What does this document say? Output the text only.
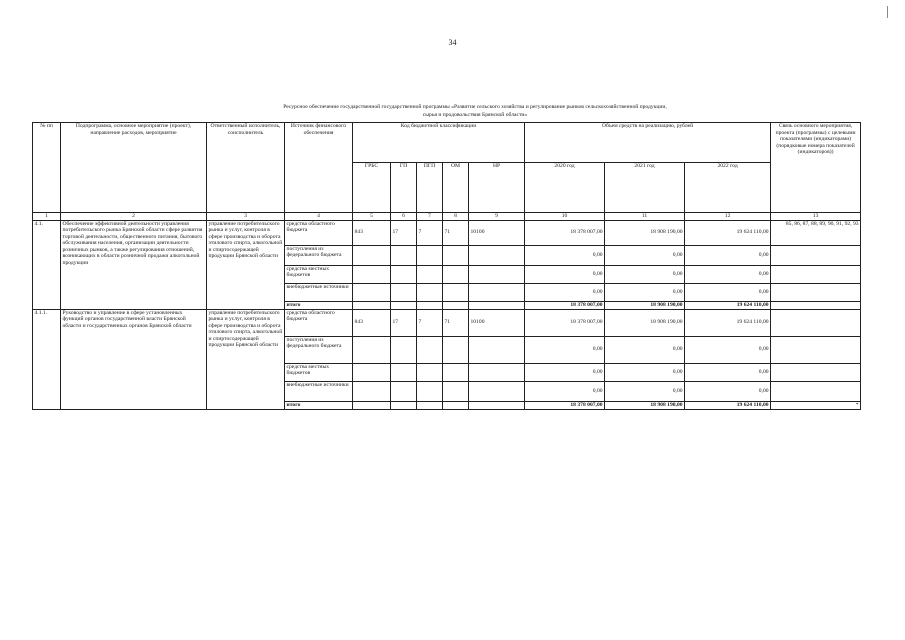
34
Ресурсное обеспечение государственной государственной программы «Развитие сельского хозяйства и регулирование рынков сельскохозяйственной продукции,
сырья и продовольствия Брянской области»
№ пп	Подпрограмма, основное мероприятие (проект), направление расходов, мероприятие	Ответственный исполнитель, соисполнитель	Источник финансового обеспечения	Код бюджетной классификации					Объем средств на реализацию, рублей			Связь основного мероприятия, проекта (программы) с целевыми показателями (индикаторами) (порядковые номера показателей (индикаторов))
				ГРБС	ГП	ПГП	ОМ	НР	2020 год	2021 год	2022 год	
1	2	3	4	5	6	7	8	9	10	11	12	13
4.1.	Обеспечение эффективной деятельности управления потребительского рынка Брянской области сфере развития торговой деятельности, общественного питания, бытового обслуживания населения, организации деятельности розничных рынков, а также регулирования отношений, возникающих в области розничной продажи алкогольной продукции	управление потребительского рынка и услуг, контроля в сфере производства и оборота этилового спирта, алкогольной и спиртосодержащей продукции Брянской области	средства областного бюджета	843	17	7	71	10100	18 378 007,00	18 908 190,00	19 624 110,00	85, 86, 87, 88, 89, 90, 91, 92, 93
			поступления из федерального бюджета						0,00	0,00	0,00	
			средства местных бюджетов						0,00	0,00	0,00	
			внебюджетные источники						0,00	0,00	0,00	
			итого						18 378 007,00	18 908 190,00	19 624 110,00	
4.1.1.	Руководство и управление в сфере установленных функций органов государственной власти Брянской области и государственных органов Брянской области	управление потребительского рынка и услуг, контроля в сфере производства и оборота этилового спирта, алкогольной и спиртосодержащей продукции Брянской области	средства областного бюджета	843	17	7	71	10100	18 378 007,00	18 908 190,00	19 624 110,00	
			поступления из федерального бюджета						0,00	0,00	0,00	
			средства местных бюджетов						0,00	0,00	0,00	
			внебюджетные источники						0,00	0,00	0,00	
			итого						18 378 007,00	18 908 190,00	19 624 110,00	*
